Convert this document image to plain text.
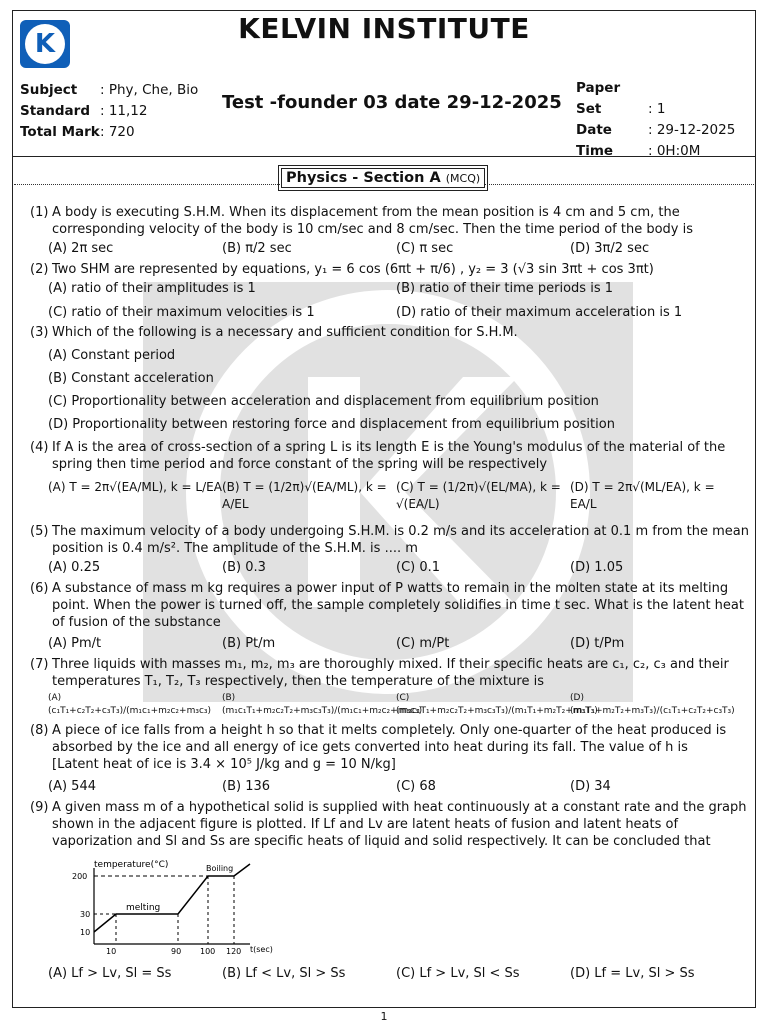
K	KELVIN INSTITUTE
Subject : Phy, Che, Bio
Standard : 11,12
Total Mark: 720
Test -founder 03 date 29-12-2025
Paper Set	: 1
Date	: 29-12-2025
Time	: 0H:0M
Physics - Section A (MCQ)
(1) A body is executing S.H.M. When its displacement from the mean position is 4 cm and 5 cm, the
corresponding velocity of the body is 10 cm/sec and 8 cm/sec. Then the time period of the body is
(A) 2π sec	(B) π/2 sec	(C) π sec	(D) 3π/2 sec
(2) Two SHM are represented by equations, y₁ = 6 cos (6πt + π/6) , y₂ = 3 (√3 sin 3πt + cos 3πt)
(A) ratio of their amplitudes is 1	(B) ratio of their time periods is 1
(C) ratio of their maximum velocities is 1	(D) ratio of their maximum acceleration is 1
(3) Which of the following is a necessary and sufficient condition for S.H.M.
(A) Constant period
(B) Constant acceleration
(C) Proportionality between acceleration and displacement from equilibrium position
(D) Proportionality between restoring force and displacement from equilibrium position
(4) If A is the area of cross-section of a spring L is its length E is the Young's modulus of the material of the
spring then time period and force constant of the spring will be respectively
(A) T = 2π√(EA/ML), k = L/EA (B) T = (1/2π)√(EA/ML), k = A/EL
(C) T = (1/2π)√(EL/MA), k = √(EA/L)
(D) T = 2π√(ML/EA), k = EA/L
(5) The maximum velocity of a body undergoing S.H.M. is 0.2 m/s and its acceleration at 0.1 m from the mean
position is 0.4 m/s². The amplitude of the S.H.M. is .... m
(A) 0.25	(B) 0.3	(C) 0.1	(D) 1.05
(6) A substance of mass m kg requires a power input of P watts to remain in the molten state at its melting
point. When the power is turned off, the sample completely solidifies in time t sec. What is the latent heat
of fusion of the substance
(A) Pm/t	(B) Pt/m	(C) m/Pt	(D) t/Pm
(7) Three liquids with masses m₁, m₂, m₃ are thoroughly mixed. If their specific heats are c₁, c₂, c₃ and their
temperatures T₁, T₂, T₃ respectively, then the temperature of the mixture is
(A) (c₁T₁+c₂T₂+c₃T₃)/(m₁c₁+m₂c₂+m₃c₃)
(B) (m₁c₁T₁+m₂c₂T₂+m₃c₃T₃)/(m₁c₁+m₂c₂+m₃c₃)
(C) (m₁c₁T₁+m₂c₂T₂+m₃c₃T₃)/(m₁T₁+m₂T₂+m₃T₃)
(D) (m₁T₁+m₂T₂+m₃T₃)/(c₁T₁+c₂T₂+c₃T₃)
(8) A piece of ice falls from a height h so that it melts completely. Only one-quarter of the heat produced is
absorbed by the ice and all energy of ice gets converted into heat during its fall. The value of h is
[Latent heat of ice is 3.4 × 10⁵ J/kg and g = 10 N/kg]
(A) 544	(B) 136	(C) 68	(D) 34
(9) A given mass m of a hypothetical solid is supplied with heat continuously at a constant rate and the graph
shown in the adjacent figure is plotted. If Lf and Lv are latent heats of fusion and latent heats of
vaporization and Sl and Ss are specific heats of liquid and solid respectively. It can be concluded that
temperature(°C)
melting
Boiling
200
30
10
10	90 100 120 t(sec)
(A) Lf > Lv, Sl = Ss	(B) Lf < Lv, Sl > Ss	(C) Lf > Lv, Sl < Ss	(D) Lf = Lv, Sl > Ss
1
